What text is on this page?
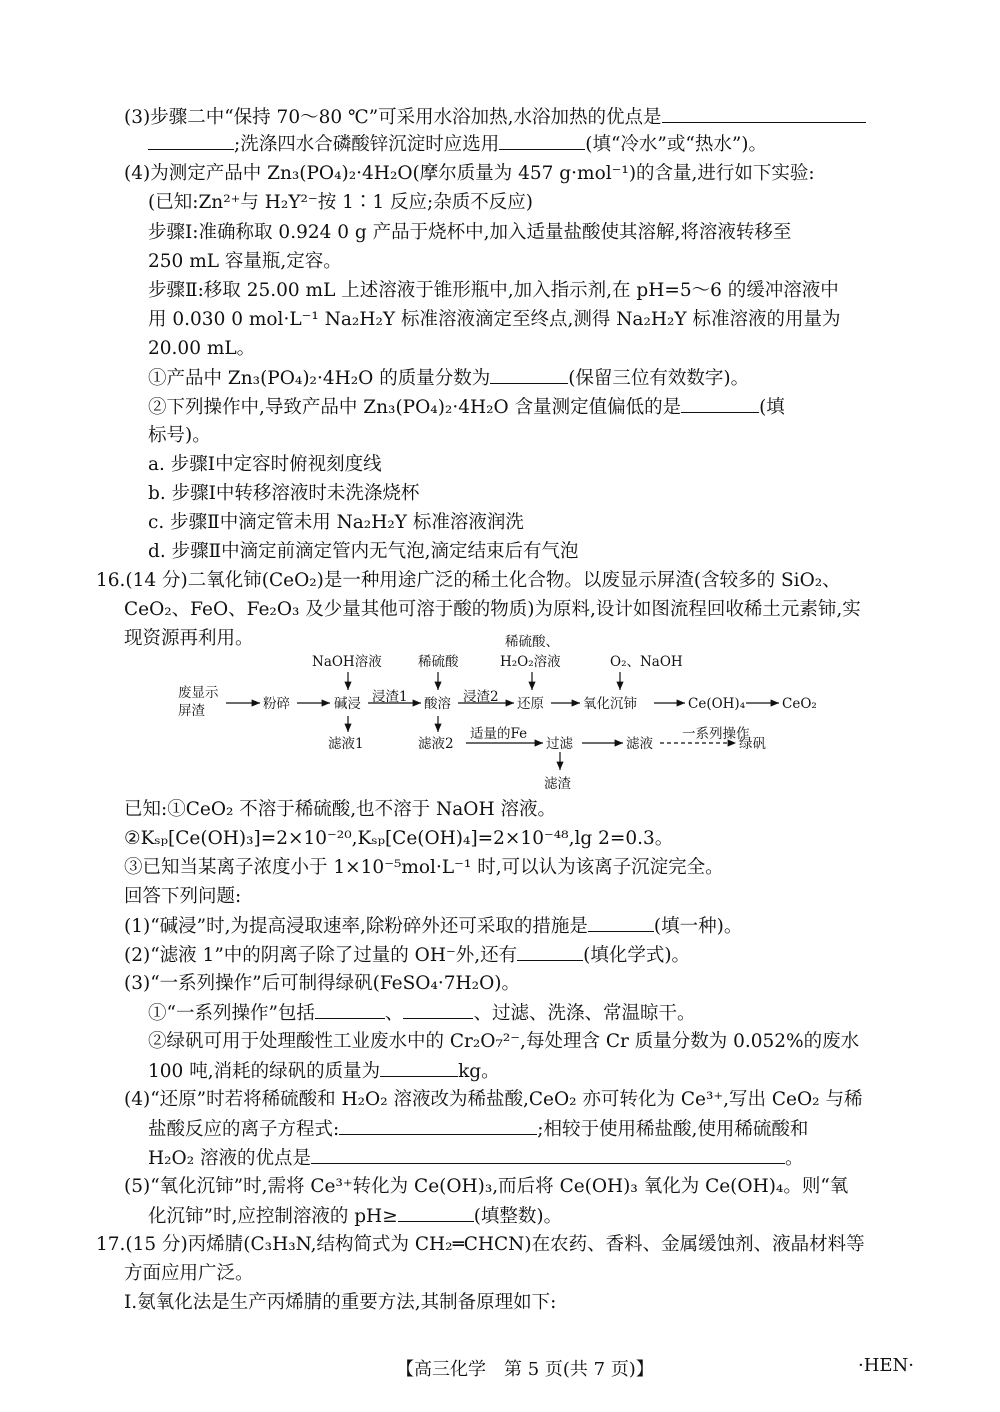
(3)步骤二中“保持 70～80 ℃”可采用水浴加热,水浴加热的优点是
;洗涤四水合磷酸锌沉淀时应选用	(填“冷水”或“热水”)。
(4)为测定产品中 Zn₃(PO₄)₂·4H₂O(摩尔质量为 457 g·mol⁻¹)的含量,进行如下实验:
(已知:Zn²⁺与 H₂Y²⁻按 1∶1 反应;杂质不反应)
步骤Ⅰ:准确称取 0.924 0 g 产品于烧杯中,加入适量盐酸使其溶解,将溶液转移至
250 mL 容量瓶,定容。
步骤Ⅱ:移取 25.00 mL 上述溶液于锥形瓶中,加入指示剂,在 pH=5～6 的缓冲溶液中
用 0.030 0 mol·L⁻¹ Na₂H₂Y 标准溶液滴定至终点,测得 Na₂H₂Y 标准溶液的用量为
20.00 mL。
①产品中 Zn₃(PO₄)₂·4H₂O 的质量分数为	(保留三位有效数字)。
②下列操作中,导致产品中 Zn₃(PO₄)₂·4H₂O 含量测定值偏低的是	(填
标号)。
a. 步骤Ⅰ中定容时俯视刻度线
b. 步骤Ⅰ中转移溶液时未洗涤烧杯
c. 步骤Ⅱ中滴定管未用 Na₂H₂Y 标准溶液润洗
d. 步骤Ⅱ中滴定前滴定管内无气泡,滴定结束后有气泡
16.(14 分)二氧化铈(CeO₂)是一种用途广泛的稀土化合物。以废显示屏渣(含较多的 SiO₂、
CeO₂、FeO、Fe₂O₃ 及少量其他可溶于酸的物质)为原料,设计如图流程回收稀土元素铈,实
现资源再利用。
NaOH溶液	稀硫酸
稀硫酸、
H₂O₂溶液	O₂、NaOH
废显示
屏渣	粉碎	碱浸 浸渣1 酸溶 浸渣2 还原	氧化沉铈	Ce(OH)₄	CeO₂
滤液1	滤液2
适量的Fe
过滤	滤液
一系列操作
绿矾
滤渣
已知:①CeO₂ 不溶于稀硫酸,也不溶于 NaOH 溶液。
②Kₛₚ[Ce(OH)₃]=2×10⁻²⁰,Kₛₚ[Ce(OH)₄]=2×10⁻⁴⁸,lg 2=0.3。
③已知当某离子浓度小于 1×10⁻⁵mol·L⁻¹ 时,可以认为该离子沉淀完全。
回答下列问题:
(1)“碱浸”时,为提高浸取速率,除粉碎外还可采取的措施是	(填一种)。
(2)“滤液 1”中的阴离子除了过量的 OH⁻外,还有	(填化学式)。
(3)“一系列操作”后可制得绿矾(FeSO₄·7H₂O)。
①“一系列操作”包括	、	、过滤、洗涤、常温晾干。
②绿矾可用于处理酸性工业废水中的 Cr₂O₇²⁻,每处理含 Cr 质量分数为 0.052%的废水
100 吨,消耗的绿矾的质量为	kg。
(4)“还原”时若将稀硫酸和 H₂O₂ 溶液改为稀盐酸,CeO₂ 亦可转化为 Ce³⁺,写出 CeO₂ 与稀
盐酸反应的离子方程式:	;相较于使用稀盐酸,使用稀硫酸和
H₂O₂ 溶液的优点是	。
(5)“氧化沉铈”时,需将 Ce³⁺转化为 Ce(OH)₃,而后将 Ce(OH)₃ 氧化为 Ce(OH)₄。则“氧
化沉铈”时,应控制溶液的 pH≥	(填整数)。
17.(15 分)丙烯腈(C₃H₃N,结构简式为 CH₂═CHCN)在农药、香料、金属缓蚀剂、液晶材料等
方面应用广泛。
Ⅰ.氨氧化法是生产丙烯腈的重要方法,其制备原理如下:
【高三化学　第 5 页(共 7 页)】	·HEN·
